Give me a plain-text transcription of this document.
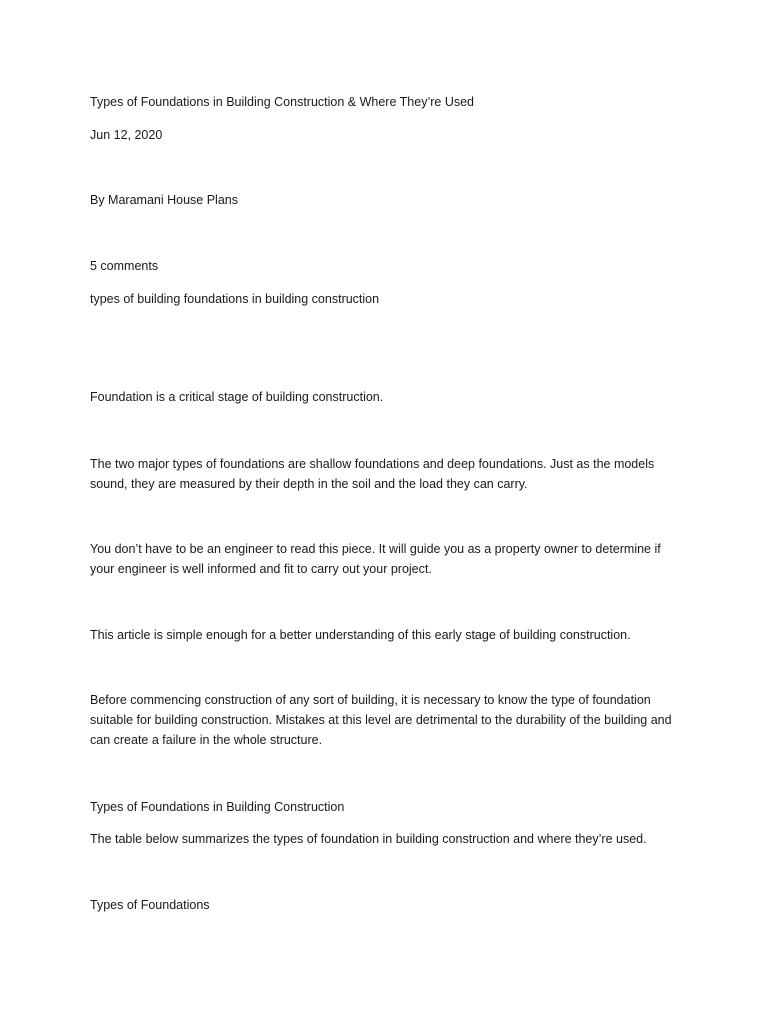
Types of Foundations in Building Construction & Where They’re Used

Jun 12, 2020

By Maramani House Plans

5 comments

types of building foundations in building construction

Foundation is a critical stage of building construction.

The two major types of foundations are shallow foundations and deep foundations. Just as the models sound, they are measured by their depth in the soil and the load they can carry.

You don’t have to be an engineer to read this piece. It will guide you as a property owner to determine if your engineer is well informed and fit to carry out your project.

This article is simple enough for a better understanding of this early stage of building construction.

Before commencing construction of any sort of building, it is necessary to know the type of foundation suitable for building construction. Mistakes at this level are detrimental to the durability of the building and can create a failure in the whole structure.

Types of Foundations in Building Construction

The table below summarizes the types of foundation in building construction and where they’re used.

Types of Foundations
